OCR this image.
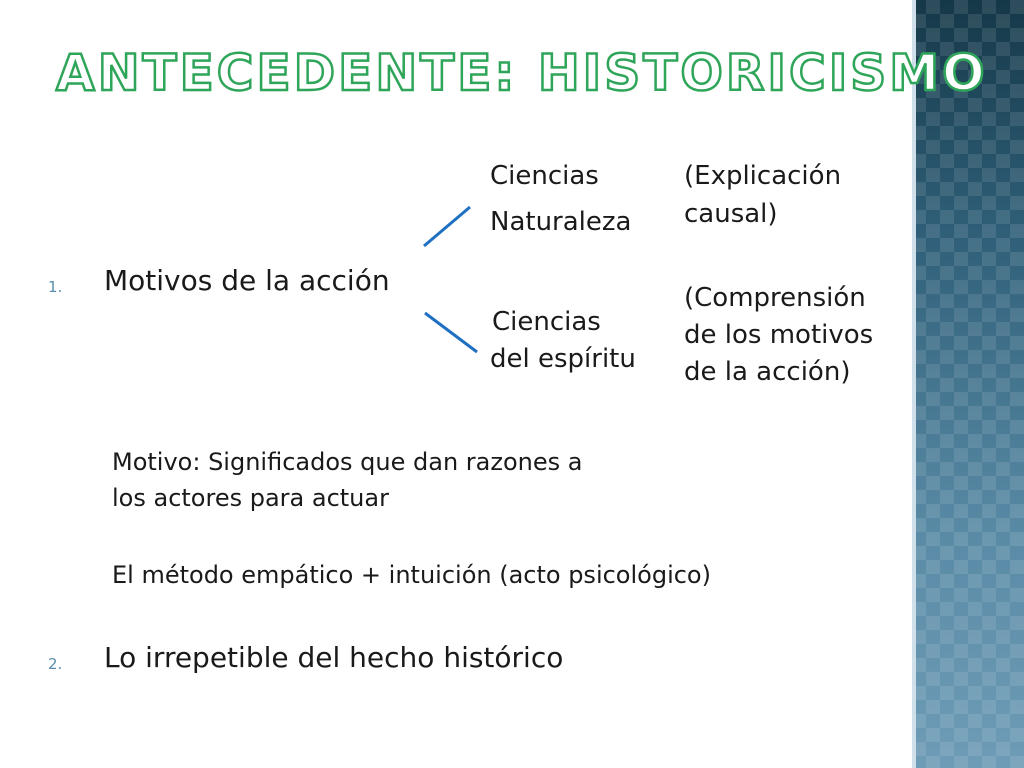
ANTECEDENTE: HISTORICISMO
1. Motivos de la acción
Ciencias
Naturaleza
(Explicación
causal)
Ciencias
del espíritu
(Comprensión
de los motivos
de la acción)
Motivo: Significados que dan razones a
los actores para actuar
El método empático + intuición (acto psicológico)
2. Lo irrepetible del hecho histórico
